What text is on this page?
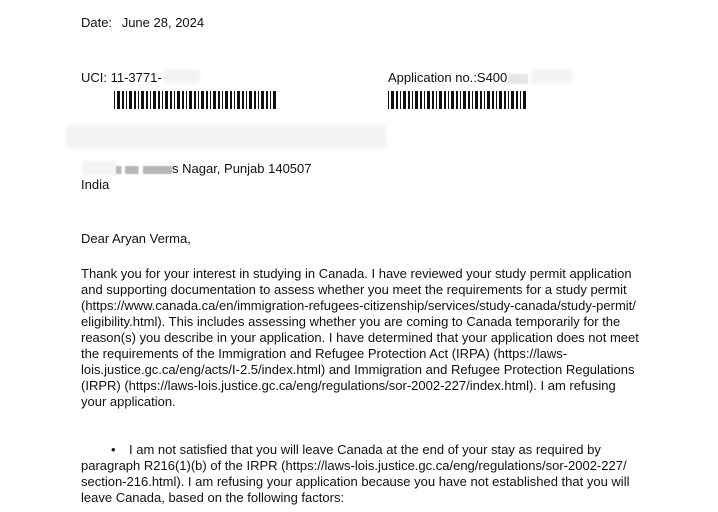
Date: June 28, 2024
UCI: 11-3771-	Application no.:S400
s Nagar, Punjab 140507
India
Dear Aryan Verma,
Thank you for your interest in studying in Canada. I have reviewed your study permit application
and supporting documentation to assess whether you meet the requirements for a study permit
(https://www.canada.ca/en/immigration-refugees-citizenship/services/study-canada/study-permit/
eligibility.html). This includes assessing whether you are coming to Canada temporarily for the
reason(s) you describe in your application. I have determined that your application does not meet
the requirements of the Immigration and Refugee Protection Act (IRPA) (https://laws-
lois.justice.gc.ca/eng/acts/I-2.5/index.html) and Immigration and Refugee Protection Regulations
(IRPR) (https://laws-lois.justice.gc.ca/eng/regulations/sor-2002-227/index.html). I am refusing
your application.
•	I am not satisfied that you will leave Canada at the end of your stay as required by
paragraph R216(1)(b) of the IRPR (https://laws-lois.justice.gc.ca/eng/regulations/sor-2002-227/
section-216.html). I am refusing your application because you have not established that you will
leave Canada, based on the following factors:
